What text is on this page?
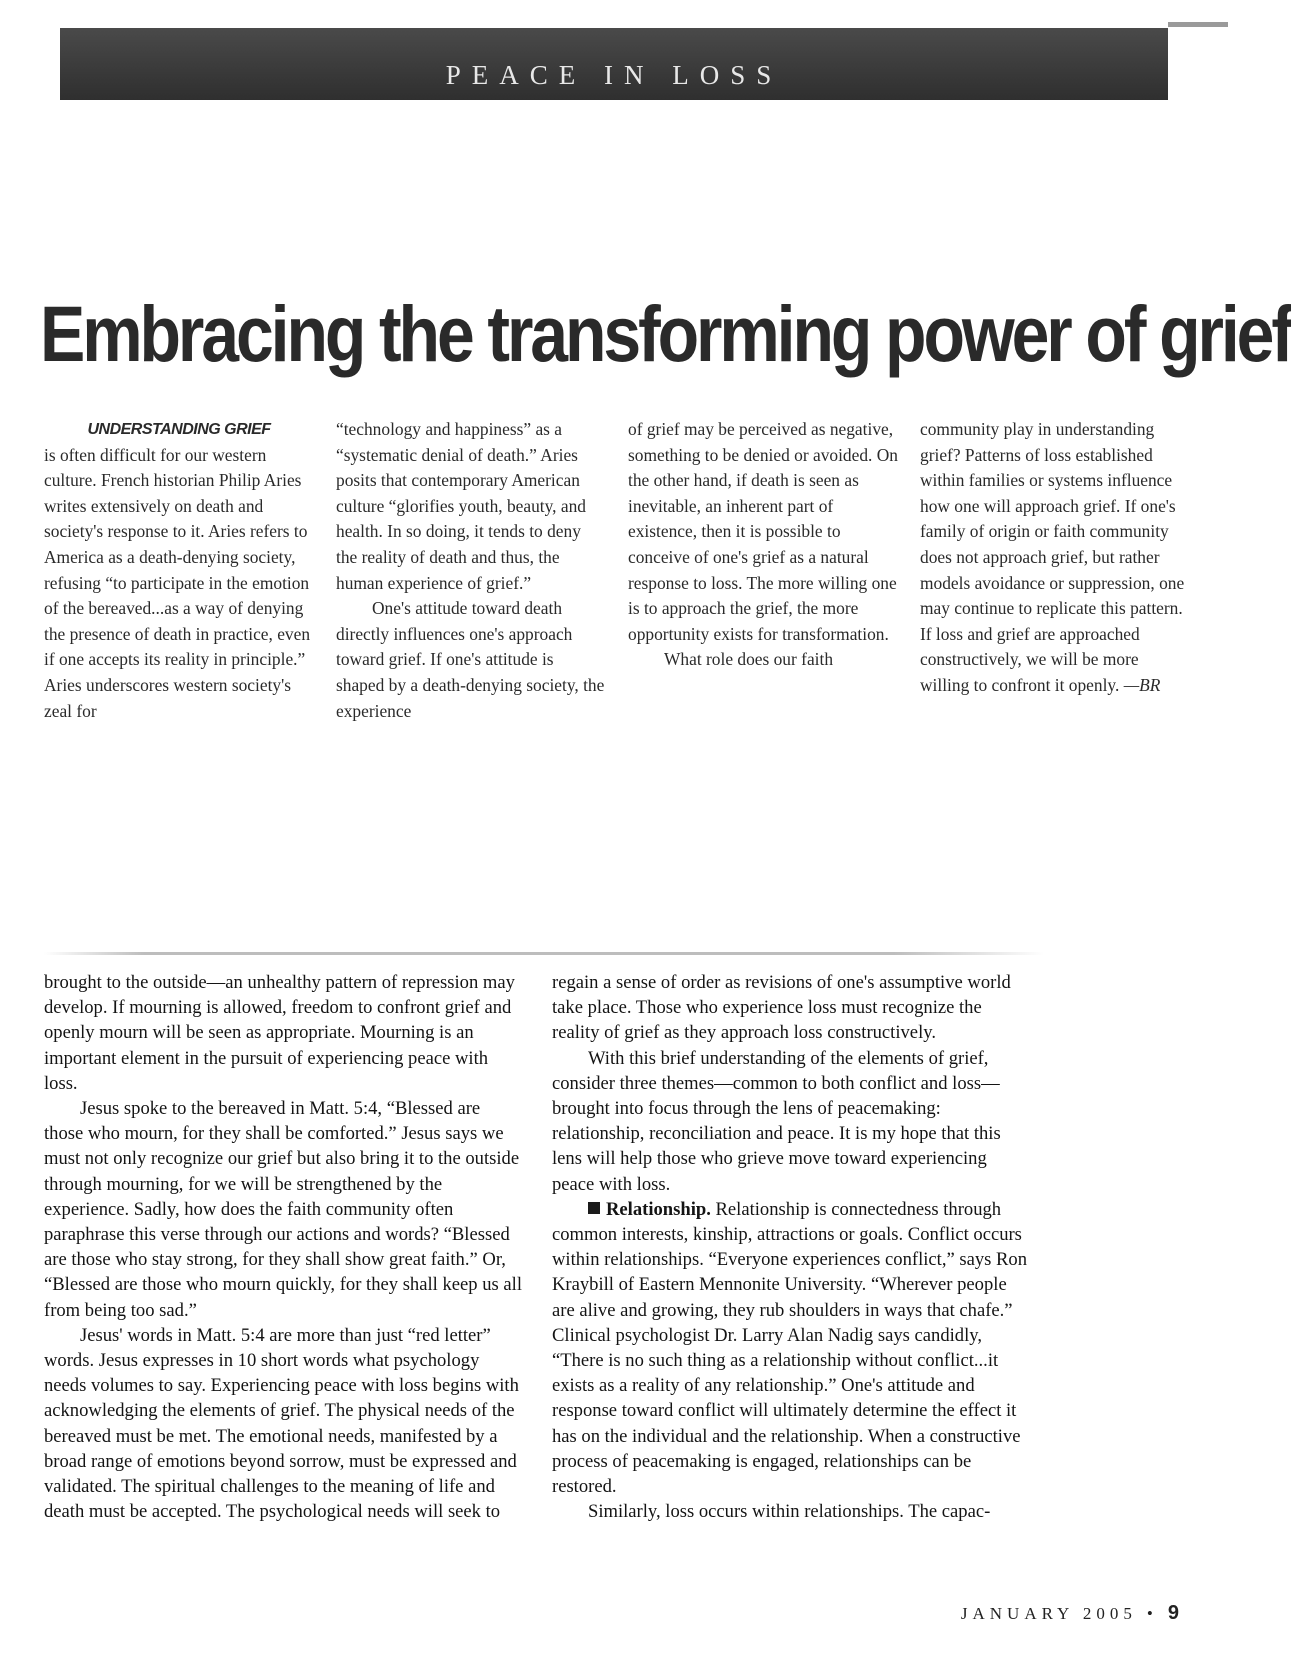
PEACE IN LOSS
Embracing the transforming power of grief
UNDERSTANDING GRIEF

is often difficult for our western culture. French historian Philip Aries writes extensively on death and society's response to it. Aries refers to America as a death-denying society, refusing “to participate in the emotion of the bereaved...as a way of denying the presence of death in practice, even if one accepts its reality in principle.” Aries underscores western society's zeal for

“technology and happiness” as a “systematic denial of death.” Aries posits that contemporary American culture “glorifies youth, beauty, and health. In so doing, it tends to deny the reality of death and thus, the human experience of grief.”

One's attitude toward death directly influences one's approach toward grief. If one's attitude is shaped by a death-denying society, the experience

of grief may be perceived as negative, something to be denied or avoided. On the other hand, if death is seen as inevitable, an inherent part of existence, then it is possible to conceive of one's grief as a natural response to loss. The more willing one is to approach the grief, the more opportunity exists for transformation.

What role does our faith

community play in understanding grief? Patterns of loss established within families or systems influence how one will approach grief. If one's family of origin or faith community does not approach grief, but rather models avoidance or suppression, one may continue to replicate this pattern. If loss and grief are approached constructively, we will be more willing to confront it openly. —BR

brought to the outside—an unhealthy pattern of repression may develop. If mourning is allowed, freedom to confront grief and openly mourn will be seen as appropriate. Mourning is an important element in the pursuit of experiencing peace with loss.

Jesus spoke to the bereaved in Matt. 5:4, “Blessed are those who mourn, for they shall be comforted.” Jesus says we must not only recognize our grief but also bring it to the outside through mourning, for we will be strengthened by the experience. Sadly, how does the faith community often paraphrase this verse through our actions and words? “Blessed are those who stay strong, for they shall show great faith.” Or, “Blessed are those who mourn quickly, for they shall keep us all from being too sad.”

Jesus' words in Matt. 5:4 are more than just “red letter” words. Jesus expresses in 10 short words what psychology needs volumes to say. Experiencing peace with loss begins with acknowledging the elements of grief. The physical needs of the bereaved must be met. The emotional needs, manifested by a broad range of emotions beyond sorrow, must be expressed and validated. The spiritual challenges to the meaning of life and death must be accepted. The psychological needs will seek to

regain a sense of order as revisions of one's assumptive world take place. Those who experience loss must recognize the reality of grief as they approach loss constructively.

With this brief understanding of the elements of grief, consider three themes—common to both conflict and loss—brought into focus through the lens of peacemaking: relationship, reconciliation and peace. It is my hope that this lens will help those who grieve move toward experiencing peace with loss.

Relationship. Relationship is connectedness through common interests, kinship, attractions or goals. Conflict occurs within relationships. “Everyone experiences conflict,” says Ron Kraybill of Eastern Mennonite University. “Wherever people are alive and growing, they rub shoulders in ways that chafe.” Clinical psychologist Dr. Larry Alan Nadig says candidly, “There is no such thing as a relationship without conflict...it exists as a reality of any relationship.” One's attitude and response toward conflict will ultimately determine the effect it has on the individual and the relationship. When a constructive process of peacemaking is engaged, relationships can be restored.

Similarly, loss occurs within relationships. The capac-

JANUARY 2005 • 9
